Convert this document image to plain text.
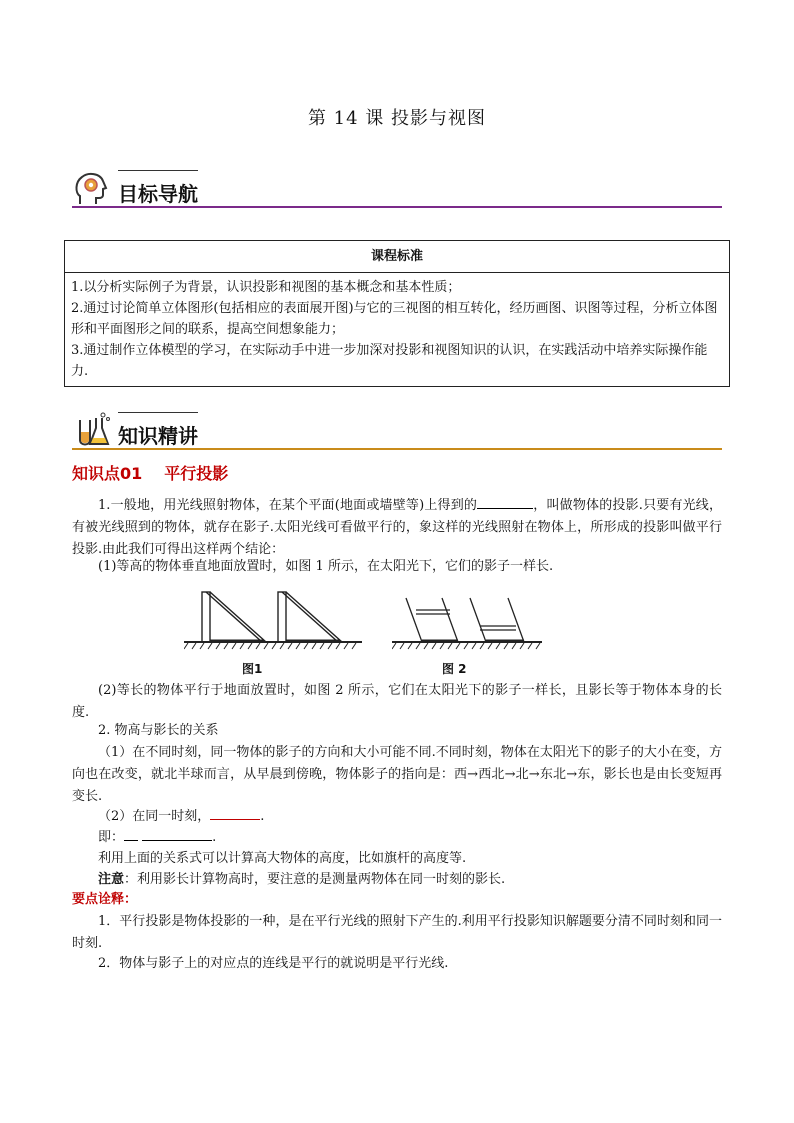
第 14 课 投影与视图
目标导航
课程标准

1.以分析实际例子为背景，认识投影和视图的基本概念和基本性质；
2.通过讨论简单立体图形(包括相应的表面展开图)与它的三视图的相互转化，经历画图、识图等过程，分析立体图形和平面图形之间的联系，提高空间想象能力；
3.通过制作立体模型的学习，在实际动手中进一步加深对投影和视图知识的认识，在实践活动中培养实际操作能力.
知识精讲
知识点01 平行投影
1.一般地，用光线照射物体，在某个平面(地面或墙壁等)上得到的	，叫做物体的投影.只要有光线，有被光线照到的物体，就存在影子.太阳光线可看做平行的，象这样的光线照射在物体上，所形成的投影叫做平行投影.由此我们可得出这样两个结论：
(1)等高的物体垂直地面放置时，如图 1 所示，在太阳光下，它们的影子一样长.
图1	图 2
(2)等长的物体平行于地面放置时，如图 2 所示，它们在太阳光下的影子一样长，且影长等于物体本身的长度.
2. 物高与影长的关系
（1）在不同时刻，同一物体的影子的方向和大小可能不同.不同时刻，物体在太阳光下的影子的大小在变，方向也在改变，就北半球而言，从早晨到傍晚，物体影子的指向是：西→西北→北→东北→东，影长也是由长变短再变长.
（2）在同一时刻，	.
即：	.
利用上面的关系式可以计算高大物体的高度，比如旗杆的高度等.
注意：利用影长计算物高时，要注意的是测量两物体在同一时刻的影长.
要点诠释：
1．平行投影是物体投影的一种，是在平行光线的照射下产生的.利用平行投影知识解题要分清不同时刻和同一时刻.
2．物体与影子上的对应点的连线是平行的就说明是平行光线.
